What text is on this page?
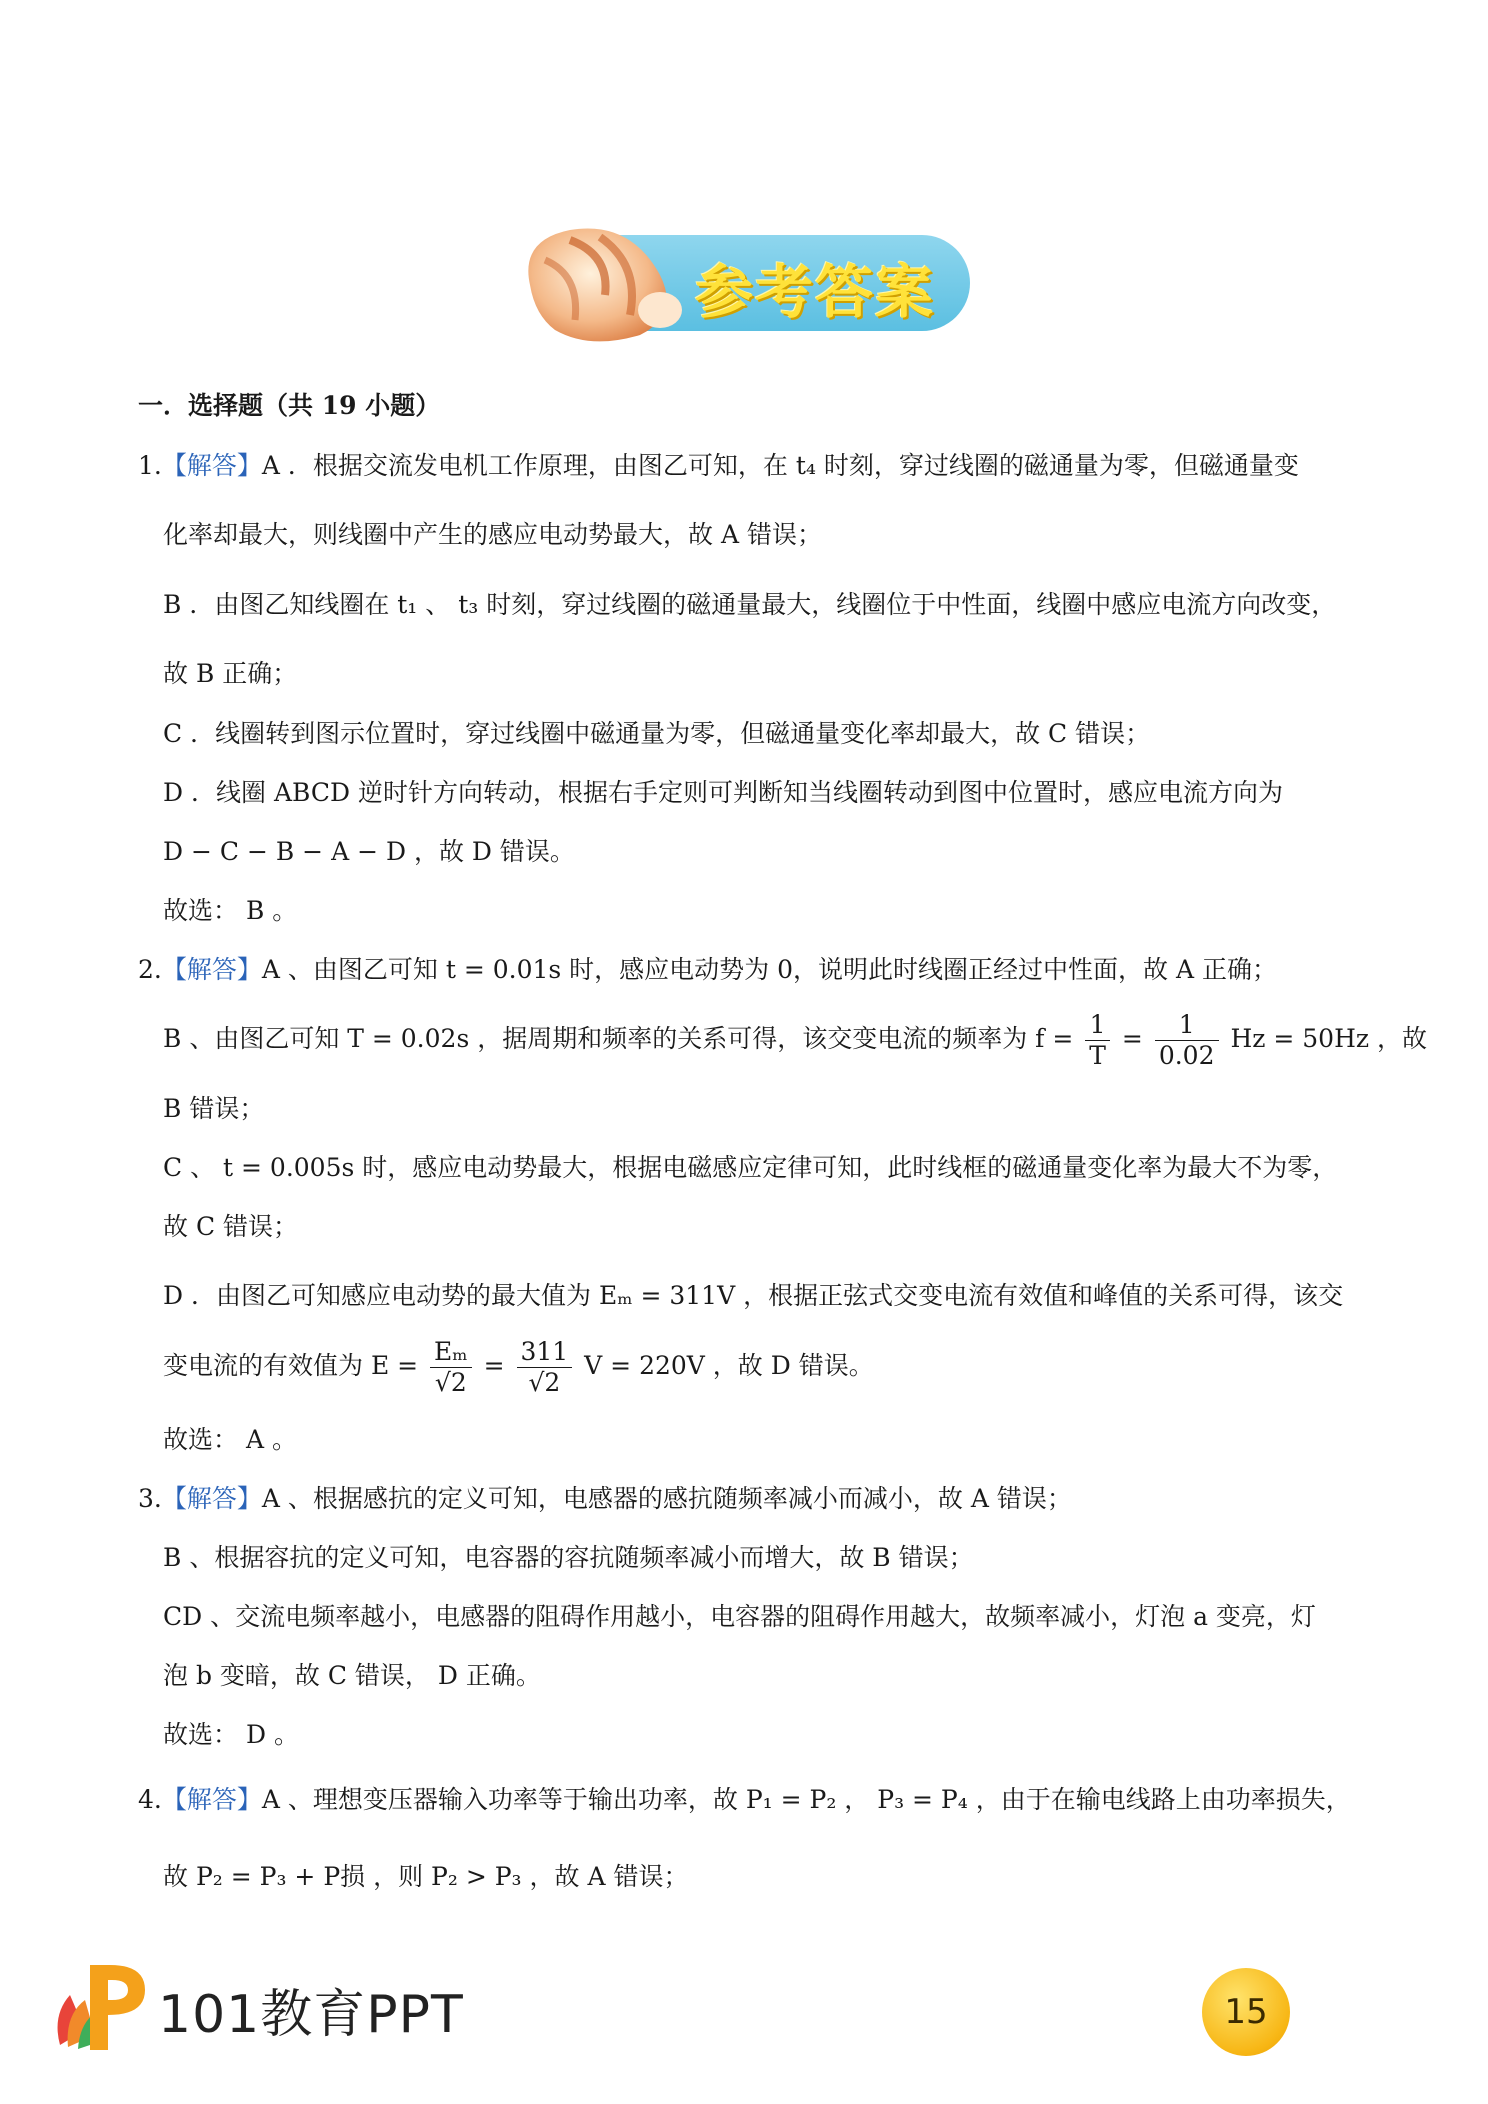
参考答案
一．选择题（共 19 小题）
1.【解答】A ．根据交流发电机工作原理，由图乙可知，在 t₄ 时刻，穿过线圈的磁通量为零，但磁通量变
化率却最大，则线圈中产生的感应电动势最大，故 A 错误；
B ．由图乙知线圈在 t₁ 、 t₃ 时刻，穿过线圈的磁通量最大，线圈位于中性面，线圈中感应电流方向改变，
故 B 正确；
C ．线圈转到图示位置时，穿过线圈中磁通量为零，但磁通量变化率却最大，故 C 错误；
D ．线圈 ABCD 逆时针方向转动，根据右手定则可判断知当线圈转动到图中位置时，感应电流方向为
D − C − B − A − D ，故 D 错误。
故选： B 。
2.【解答】A 、由图乙可知 t = 0.01s 时，感应电动势为 0，说明此时线圈正经过中性面，故 A 正确；
B 、由图乙可知 T = 0.02s ，据周期和频率的关系可得，该交变电流的频率为 $f = \frac{1}{T} = \frac{1}{0.02}$ Hz = 50Hz ，故
B 错误；
C 、 t = 0.005s 时，感应电动势最大，根据电磁感应定律可知，此时线框的磁通量变化率为最大不为零，
故 C 错误；
D ．由图乙可知感应电动势的最大值为 Eₘ = 311V ，根据正弦式交变电流有效值和峰值的关系可得，该交
变电流的有效值为 $E = \frac{\text{Eₘ}}{√2} = \frac{311}{√2}$ V = 220V ，故 D 错误。
故选： A 。
3.【解答】A 、根据感抗的定义可知，电感器的感抗随频率减小而减小，故 A 错误；
B 、根据容抗的定义可知，电容器的容抗随频率减小而增大，故 B 错误；
CD 、交流电频率越小，电感器的阻碍作用越小，电容器的阻碍作用越大，故频率减小，灯泡 a 变亮，灯
泡 b 变暗，故 C 错误， D 正确。
故选： D 。
4.【解答】A 、理想变压器输入功率等于输出功率，故 P₁ = P₂ ， P₃ = P₄ ，由于在输电线路上由功率损失，
故 P₂ = P₃ + P损 ，则 P₂ > P₃ ，故 A 错误；
101教育PPT	15
